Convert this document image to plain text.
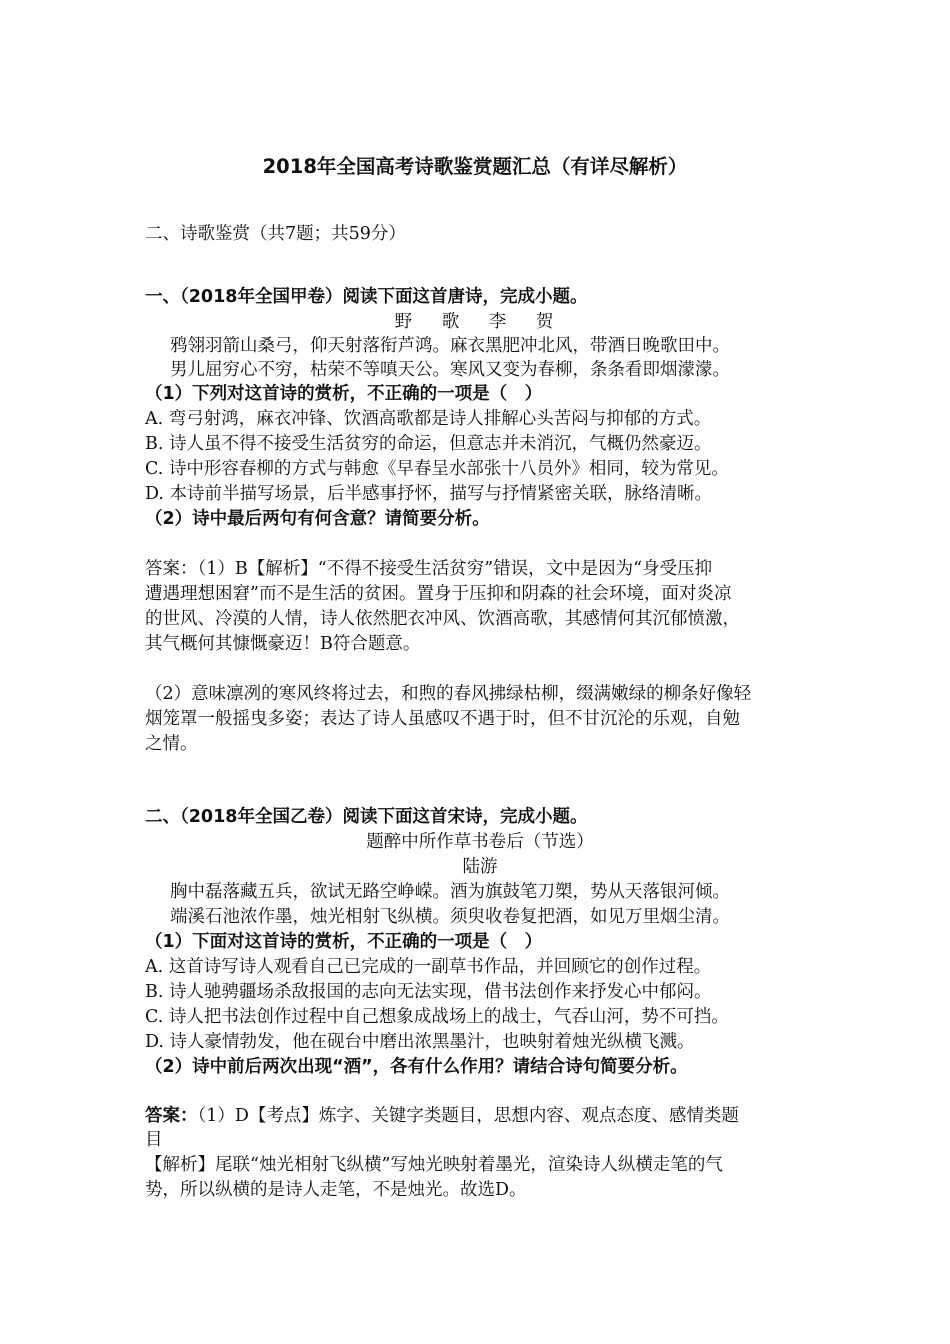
2018年全国高考诗歌鉴赏题汇总（有详尽解析）
二、诗歌鉴赏（共7题；共59分）
一、（2018年全国甲卷）阅读下面这首唐诗，完成小题。
野 歌 李 贺
鸦翎羽箭山桑弓，仰天射落衔芦鸿。麻衣黑肥冲北风，带酒日晚歌田中。
男儿屈穷心不穷，枯荣不等嗔天公。寒风又变为春柳，条条看即烟濛濛。
（1）下列对这首诗的赏析，不正确的一项是（　）
A. 弯弓射鸿，麻衣冲锋、饮酒高歌都是诗人排解心头苦闷与抑郁的方式。
B. 诗人虽不得不接受生活贫穷的命运，但意志并未消沉，气概仍然豪迈。
C. 诗中形容春柳的方式与韩愈《早春呈水部张十八员外》相同，较为常见。
D. 本诗前半描写场景，后半感事抒怀，描写与抒情紧密关联，脉络清晰。
（2）诗中最后两句有何含意？请简要分析。
答案：（1）B【解析】“不得不接受生活贫穷”错误，文中是因为“身受压抑
遭遇理想困窘”而不是生活的贫困。置身于压抑和阴森的社会环境，面对炎凉
的世风、冷漠的人情，诗人依然肥衣冲风、饮酒高歌，其感情何其沉郁愤激，
其气概何其慷慨豪迈！B符合题意。
（2）意味凛冽的寒风终将过去，和煦的春风拂绿枯柳，缀满嫩绿的柳条好像轻
烟笼罩一般摇曳多姿；表达了诗人虽感叹不遇于时，但不甘沉沦的乐观，自勉
之情。
二、（2018年全国乙卷）阅读下面这首宋诗，完成小题。
题醉中所作草书卷后（节选）
陆游
胸中磊落藏五兵，欲试无路空峥嵘。酒为旗鼓笔刀槊，势从天落银河倾。
端溪石池浓作墨，烛光相射飞纵横。须臾收卷复把酒，如见万里烟尘清。
（1）下面对这首诗的赏析，不正确的一项是（　）
A. 这首诗写诗人观看自己已完成的一副草书作品，并回顾它的创作过程。
B. 诗人驰骋疆场杀敌报国的志向无法实现，借书法创作来抒发心中郁闷。
C. 诗人把书法创作过程中自己想象成战场上的战士，气吞山河，势不可挡。
D. 诗人豪情勃发，他在砚台中磨出浓黑墨汁，也映射着烛光纵横飞溅。
（2）诗中前后两次出现“酒”，各有什么作用？请结合诗句简要分析。
答案：（1）D【考点】炼字、关键字类题目，思想内容、观点态度、感情类题
目
【解析】尾联“烛光相射飞纵横”写烛光映射着墨光，渲染诗人纵横走笔的气
势，所以纵横的是诗人走笔，不是烛光。故选D。
